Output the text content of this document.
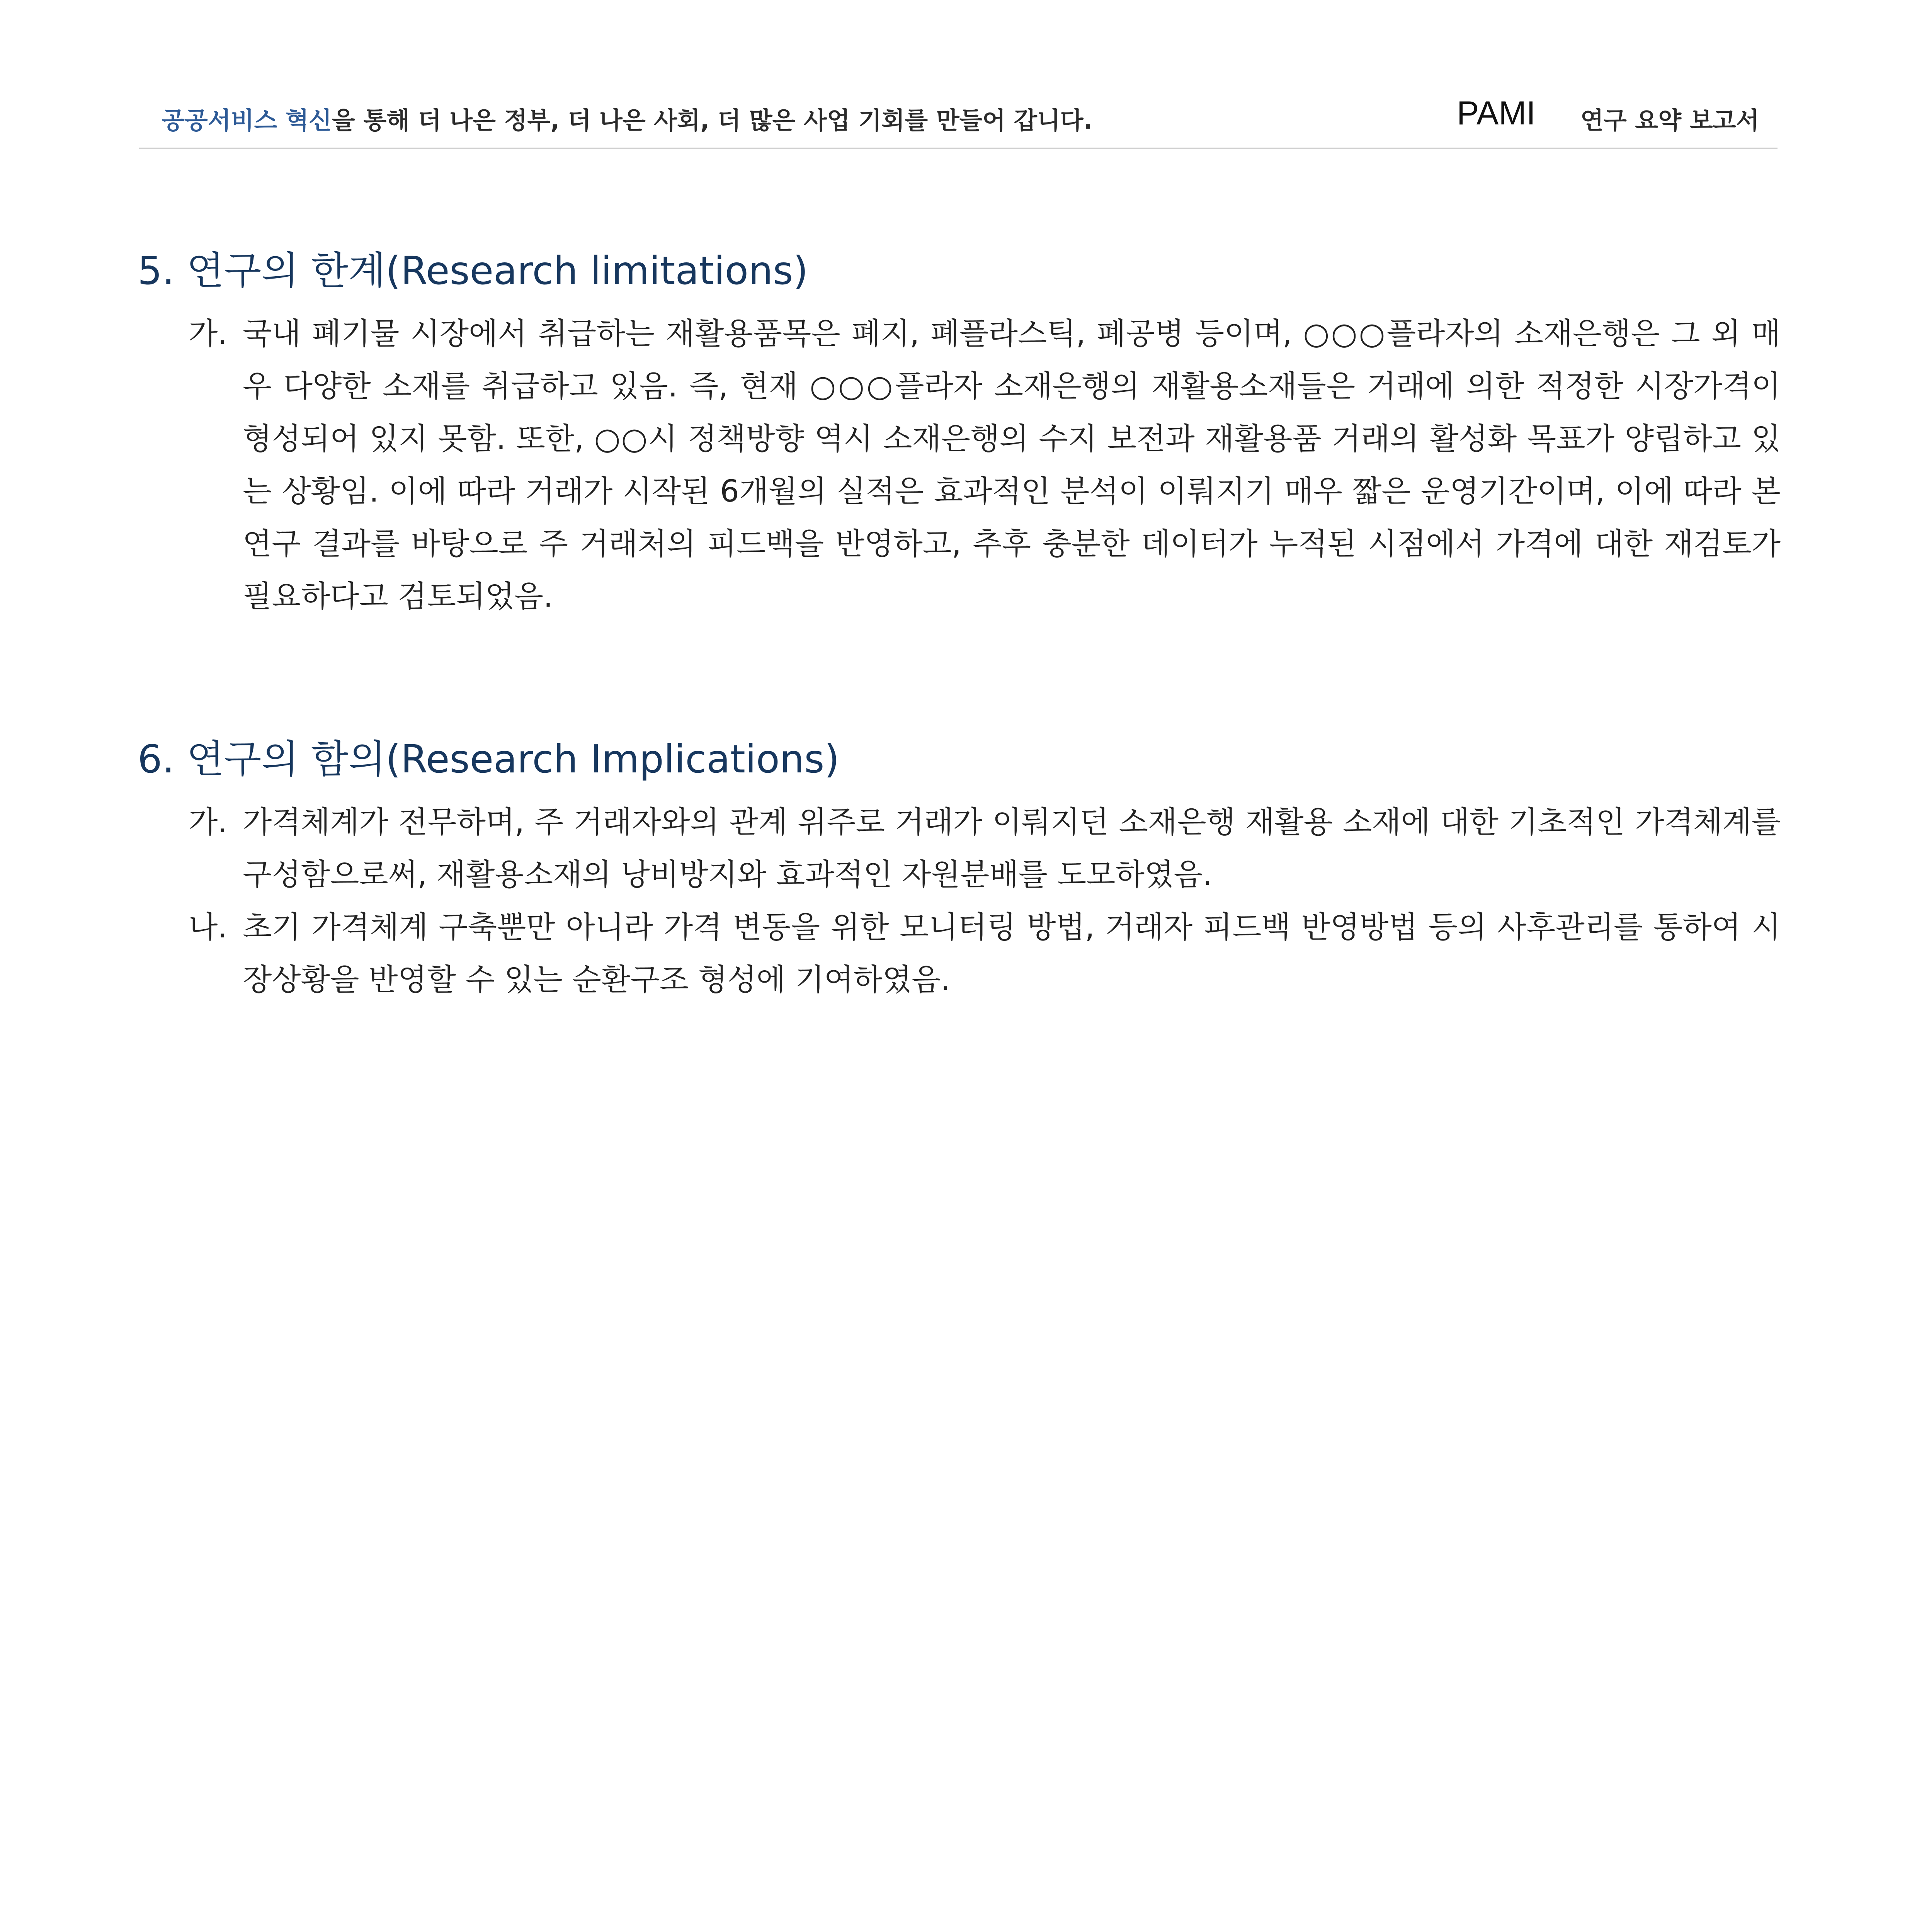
공공서비스 혁신을 통해 더 나은 정부, 더 나은 사회, 더 많은 사업 기회를 만들어 갑니다.	PAMI 연구 요약 보고서
5. 연구의 한계(Research limitations)
가. 국내 폐기물 시장에서 취급하는 재활용품목은 폐지, 폐플라스틱, 폐공병 등이며, ○○○플라자의 소재은행은 그 외 매우 다양한 소재를 취급하고 있음. 즉, 현재 ○○○플라자 소재은행의 재활용소재들은 거래에 의한 적정한 시장가격이 형성되어 있지 못함. 또한, ○○시 정책방향 역시 소재은행의 수지 보전과 재활용품 거래의 활성화 목표가 양립하고 있는 상황임. 이에 따라 거래가 시작된 6개월의 실적은 효과적인 분석이 이뤄지기 매우 짧은 운영기간이며, 이에 따라 본 연구 결과를 바탕으로 주 거래처의 피드백을 반영하고, 추후 충분한 데이터가 누적된 시점에서 가격에 대한 재검토가 필요하다고 검토되었음.
6. 연구의 함의(Research Implications)
가. 가격체계가 전무하며, 주 거래자와의 관계 위주로 거래가 이뤄지던 소재은행 재활용 소재에 대한 기초적인 가격체계를 구성함으로써, 재활용소재의 낭비방지와 효과적인 자원분배를 도모하였음.
나. 초기 가격체계 구축뿐만 아니라 가격 변동을 위한 모니터링 방법, 거래자 피드백 반영방법 등의 사후관리를 통하여 시장상황을 반영할 수 있는 순환구조 형성에 기여하였음.
